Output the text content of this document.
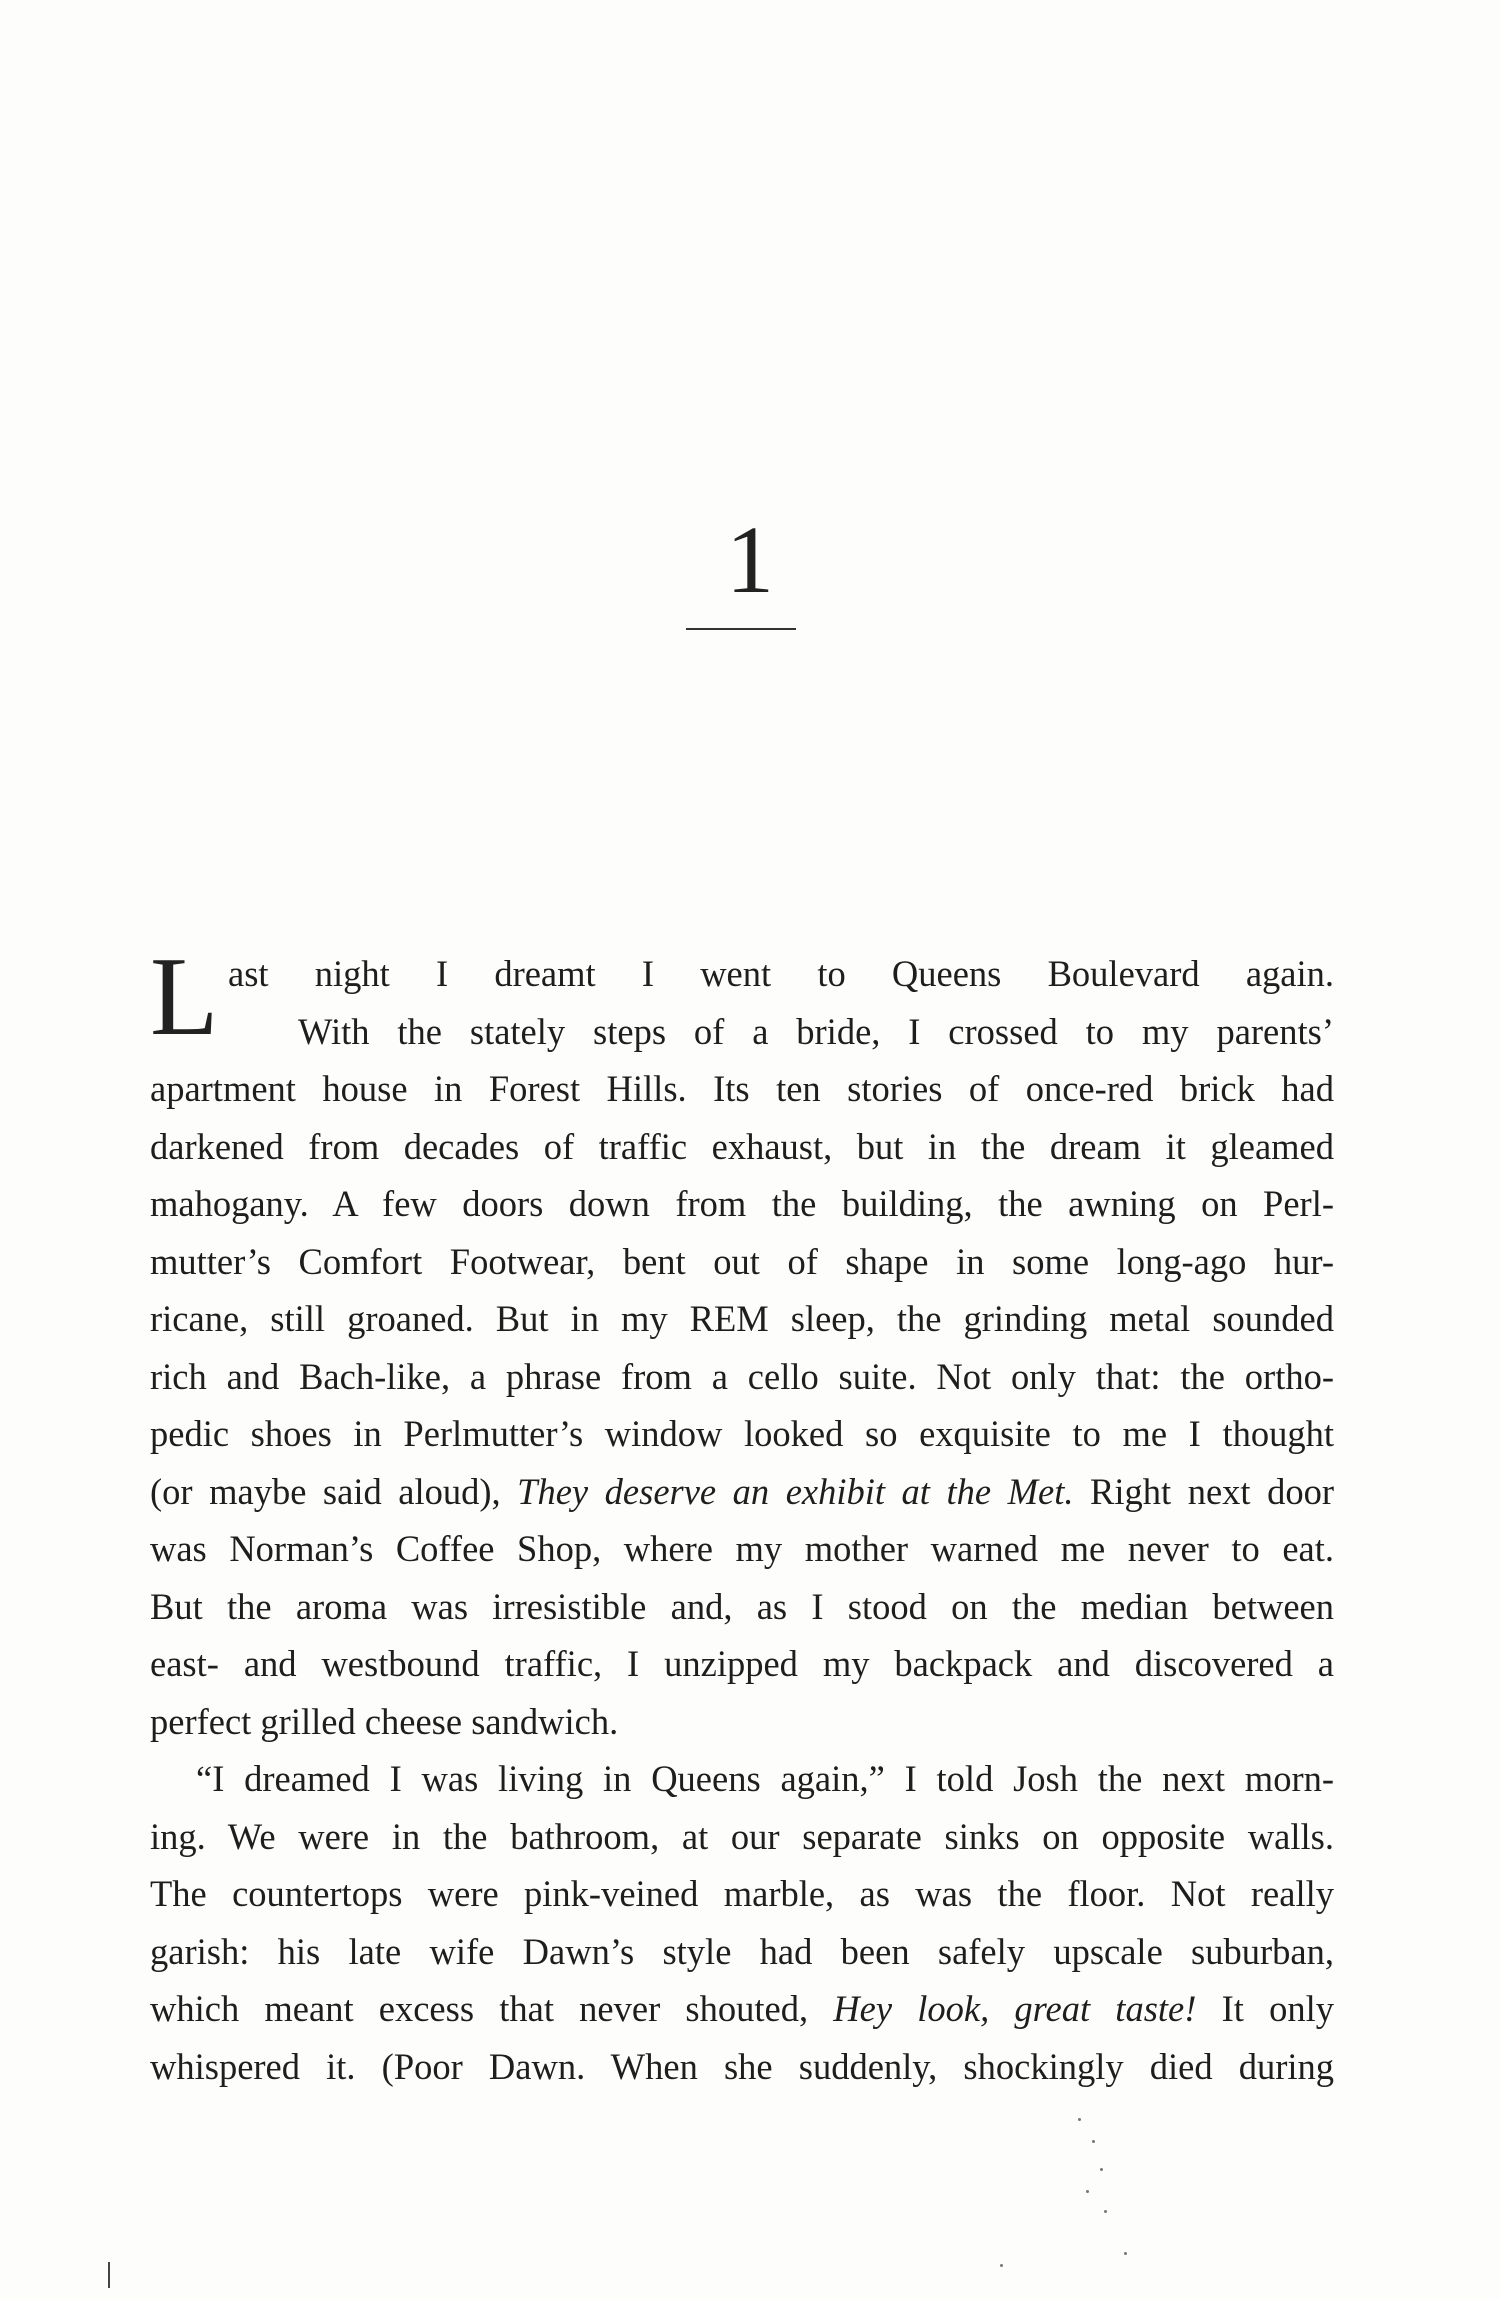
1

L ast night I dreamt I went to Queens Boulevard again.
With the stately steps of a bride, I crossed to my parents’
apartment house in Forest Hills. Its ten stories of once-red brick had
darkened from decades of traffic exhaust, but in the dream it gleamed
mahogany. A few doors down from the building, the awning on Perl-
mutter’s Comfort Footwear, bent out of shape in some long-ago hur-
ricane, still groaned. But in my REM sleep, the grinding metal sounded
rich and Bach-like, a phrase from a cello suite. Not only that: the ortho-
pedic shoes in Perlmutter’s window looked so exquisite to me I thought
(or maybe said aloud), They deserve an exhibit at the Met. Right next door
was Norman’s Coffee Shop, where my mother warned me never to eat.
But the aroma was irresistible and, as I stood on the median between
east- and westbound traffic, I unzipped my backpack and discovered a
perfect grilled cheese sandwich.

“I dreamed I was living in Queens again,” I told Josh the next morn-
ing. We were in the bathroom, at our separate sinks on opposite walls.
The countertops were pink-veined marble, as was the floor. Not really
garish: his late wife Dawn’s style had been safely upscale suburban,
which meant excess that never shouted, Hey look, great taste! It only
whispered it. (Poor Dawn. When she suddenly, shockingly died during
